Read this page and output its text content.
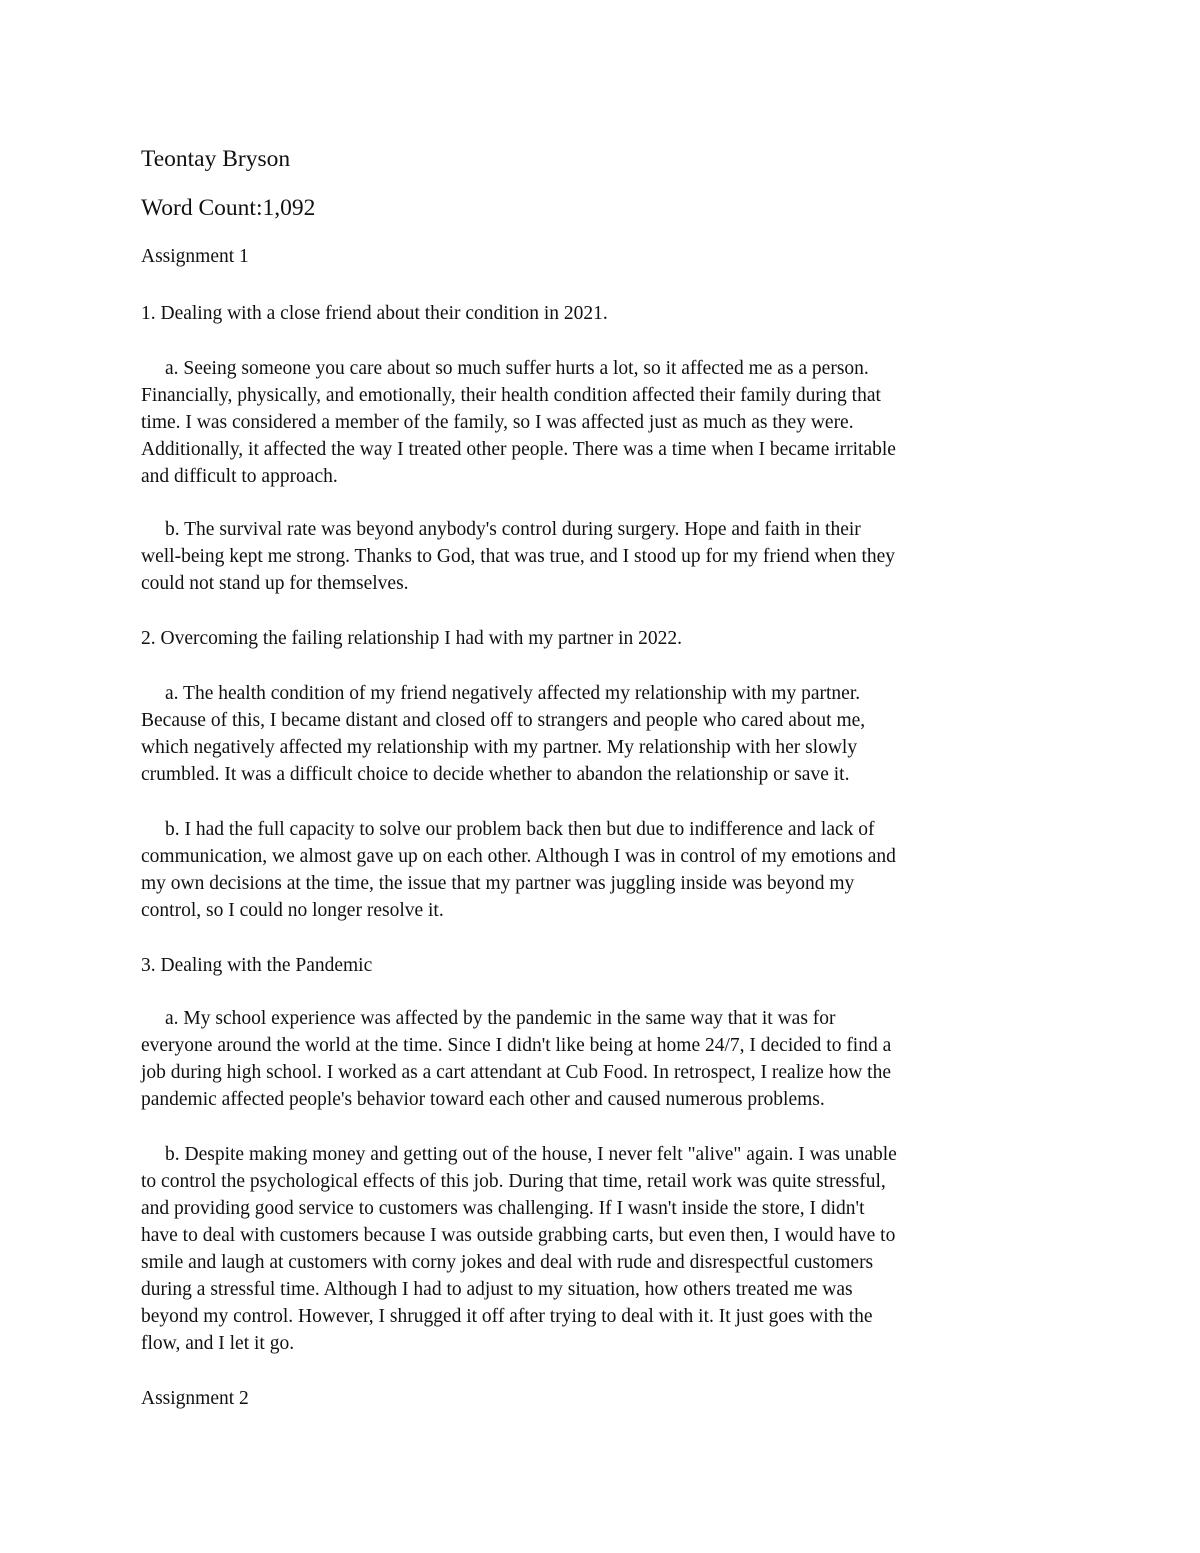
Teontay Bryson

Word Count:1,092

Assignment 1

1. Dealing with a close friend about their condition in 2021.

a. Seeing someone you care about so much suffer hurts a lot, so it affected me as a person.
Financially, physically, and emotionally, their health condition affected their family during that
time. I was considered a member of the family, so I was affected just as much as they were.
Additionally, it affected the way I treated other people. There was a time when I became irritable
and difficult to approach.

b. The survival rate was beyond anybody's control during surgery. Hope and faith in their
well-being kept me strong. Thanks to God, that was true, and I stood up for my friend when they
could not stand up for themselves.

2. Overcoming the failing relationship I had with my partner in 2022.

a. The health condition of my friend negatively affected my relationship with my partner.
Because of this, I became distant and closed off to strangers and people who cared about me,
which negatively affected my relationship with my partner. My relationship with her slowly
crumbled. It was a difficult choice to decide whether to abandon the relationship or save it.

b. I had the full capacity to solve our problem back then but due to indifference and lack of
communication, we almost gave up on each other. Although I was in control of my emotions and
my own decisions at the time, the issue that my partner was juggling inside was beyond my
control, so I could no longer resolve it.

3. Dealing with the Pandemic

a. My school experience was affected by the pandemic in the same way that it was for
everyone around the world at the time. Since I didn't like being at home 24/7, I decided to find a
job during high school. I worked as a cart attendant at Cub Food. In retrospect, I realize how the
pandemic affected people's behavior toward each other and caused numerous problems.

b. Despite making money and getting out of the house, I never felt "alive" again. I was unable
to control the psychological effects of this job. During that time, retail work was quite stressful,
and providing good service to customers was challenging. If I wasn't inside the store, I didn't
have to deal with customers because I was outside grabbing carts, but even then, I would have to
smile and laugh at customers with corny jokes and deal with rude and disrespectful customers
during a stressful time. Although I had to adjust to my situation, how others treated me was
beyond my control. However, I shrugged it off after trying to deal with it. It just goes with the
flow, and I let it go.

Assignment 2
